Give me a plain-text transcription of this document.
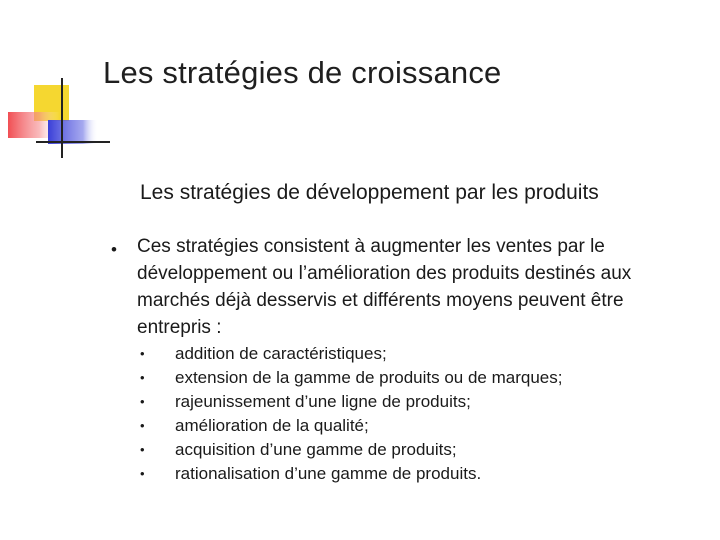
Les stratégies de croissance
Les stratégies de développement par les produits
• Ces stratégies consistent à augmenter les ventes par le développement ou l’amélioration des produits destinés aux marchés déjà desservis et différents moyens peuvent être entrepris :
• addition de caractéristiques;
• extension de la gamme de produits ou de marques;
• rajeunissement d’une ligne de produits;
• amélioration de la qualité;
• acquisition d’une gamme de produits;
• rationalisation d’une gamme de produits.
